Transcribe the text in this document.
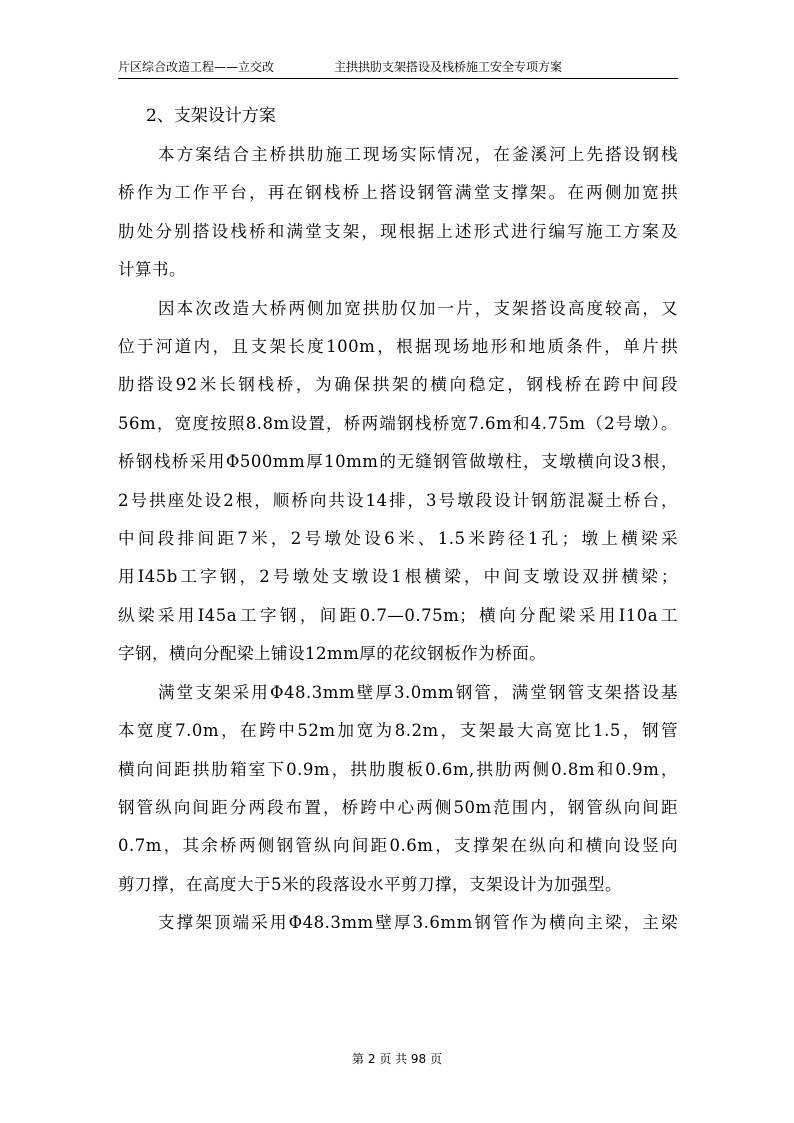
片区综合改造工程——立交改	主拱拱肋支架搭设及栈桥施工安全专项方案

2、支架设计方案

本方案结合主桥拱肋施工现场实际情况，在釜溪河上先搭设钢栈
桥作为工作平台，再在钢栈桥上搭设钢管满堂支撑架。在两侧加宽拱
肋处分别搭设栈桥和满堂支架，现根据上述形式进行编写施工方案及
计算书。

因本次改造大桥两侧加宽拱肋仅加一片，支架搭设高度较高，又
位于河道内，且支架长度100m，根据现场地形和地质条件，单片拱
肋搭设92米长钢栈桥，为确保拱架的横向稳定，钢栈桥在跨中间段
56m，宽度按照8.8m设置，桥两端钢栈桥宽7.6m和4.75m（2号墩）。
桥钢栈桥采用Φ500mm厚10mm的无缝钢管做墩柱，支墩横向设3根，
2号拱座处设2根，顺桥向共设14排，3号墩段设计钢筋混凝土桥台，
中间段排间距7米，2号墩处设6米、1.5米跨径1孔；墩上横梁采
用I45b工字钢，2号墩处支墩设1根横梁，中间支墩设双拼横梁；
纵梁采用I45a工字钢，间距0.7—0.75m；横向分配梁采用I10a工
字钢，横向分配梁上铺设12mm厚的花纹钢板作为桥面。

满堂支架采用Φ48.3mm壁厚3.0mm钢管，满堂钢管支架搭设基
本宽度7.0m，在跨中52m加宽为8.2m，支架最大高宽比1.5，钢管
横向间距拱肋箱室下0.9m，拱肋腹板0.6m,拱肋两侧0.8m和0.9m，
钢管纵向间距分两段布置，桥跨中心两侧50m范围内，钢管纵向间距
0.7m，其余桥两侧钢管纵向间距0.6m，支撑架在纵向和横向设竖向
剪刀撑，在高度大于5米的段落设水平剪刀撑，支架设计为加强型。

支撑架顶端采用Φ48.3mm壁厚3.6mm钢管作为横向主梁，主梁

第 2 页 共 98 页
